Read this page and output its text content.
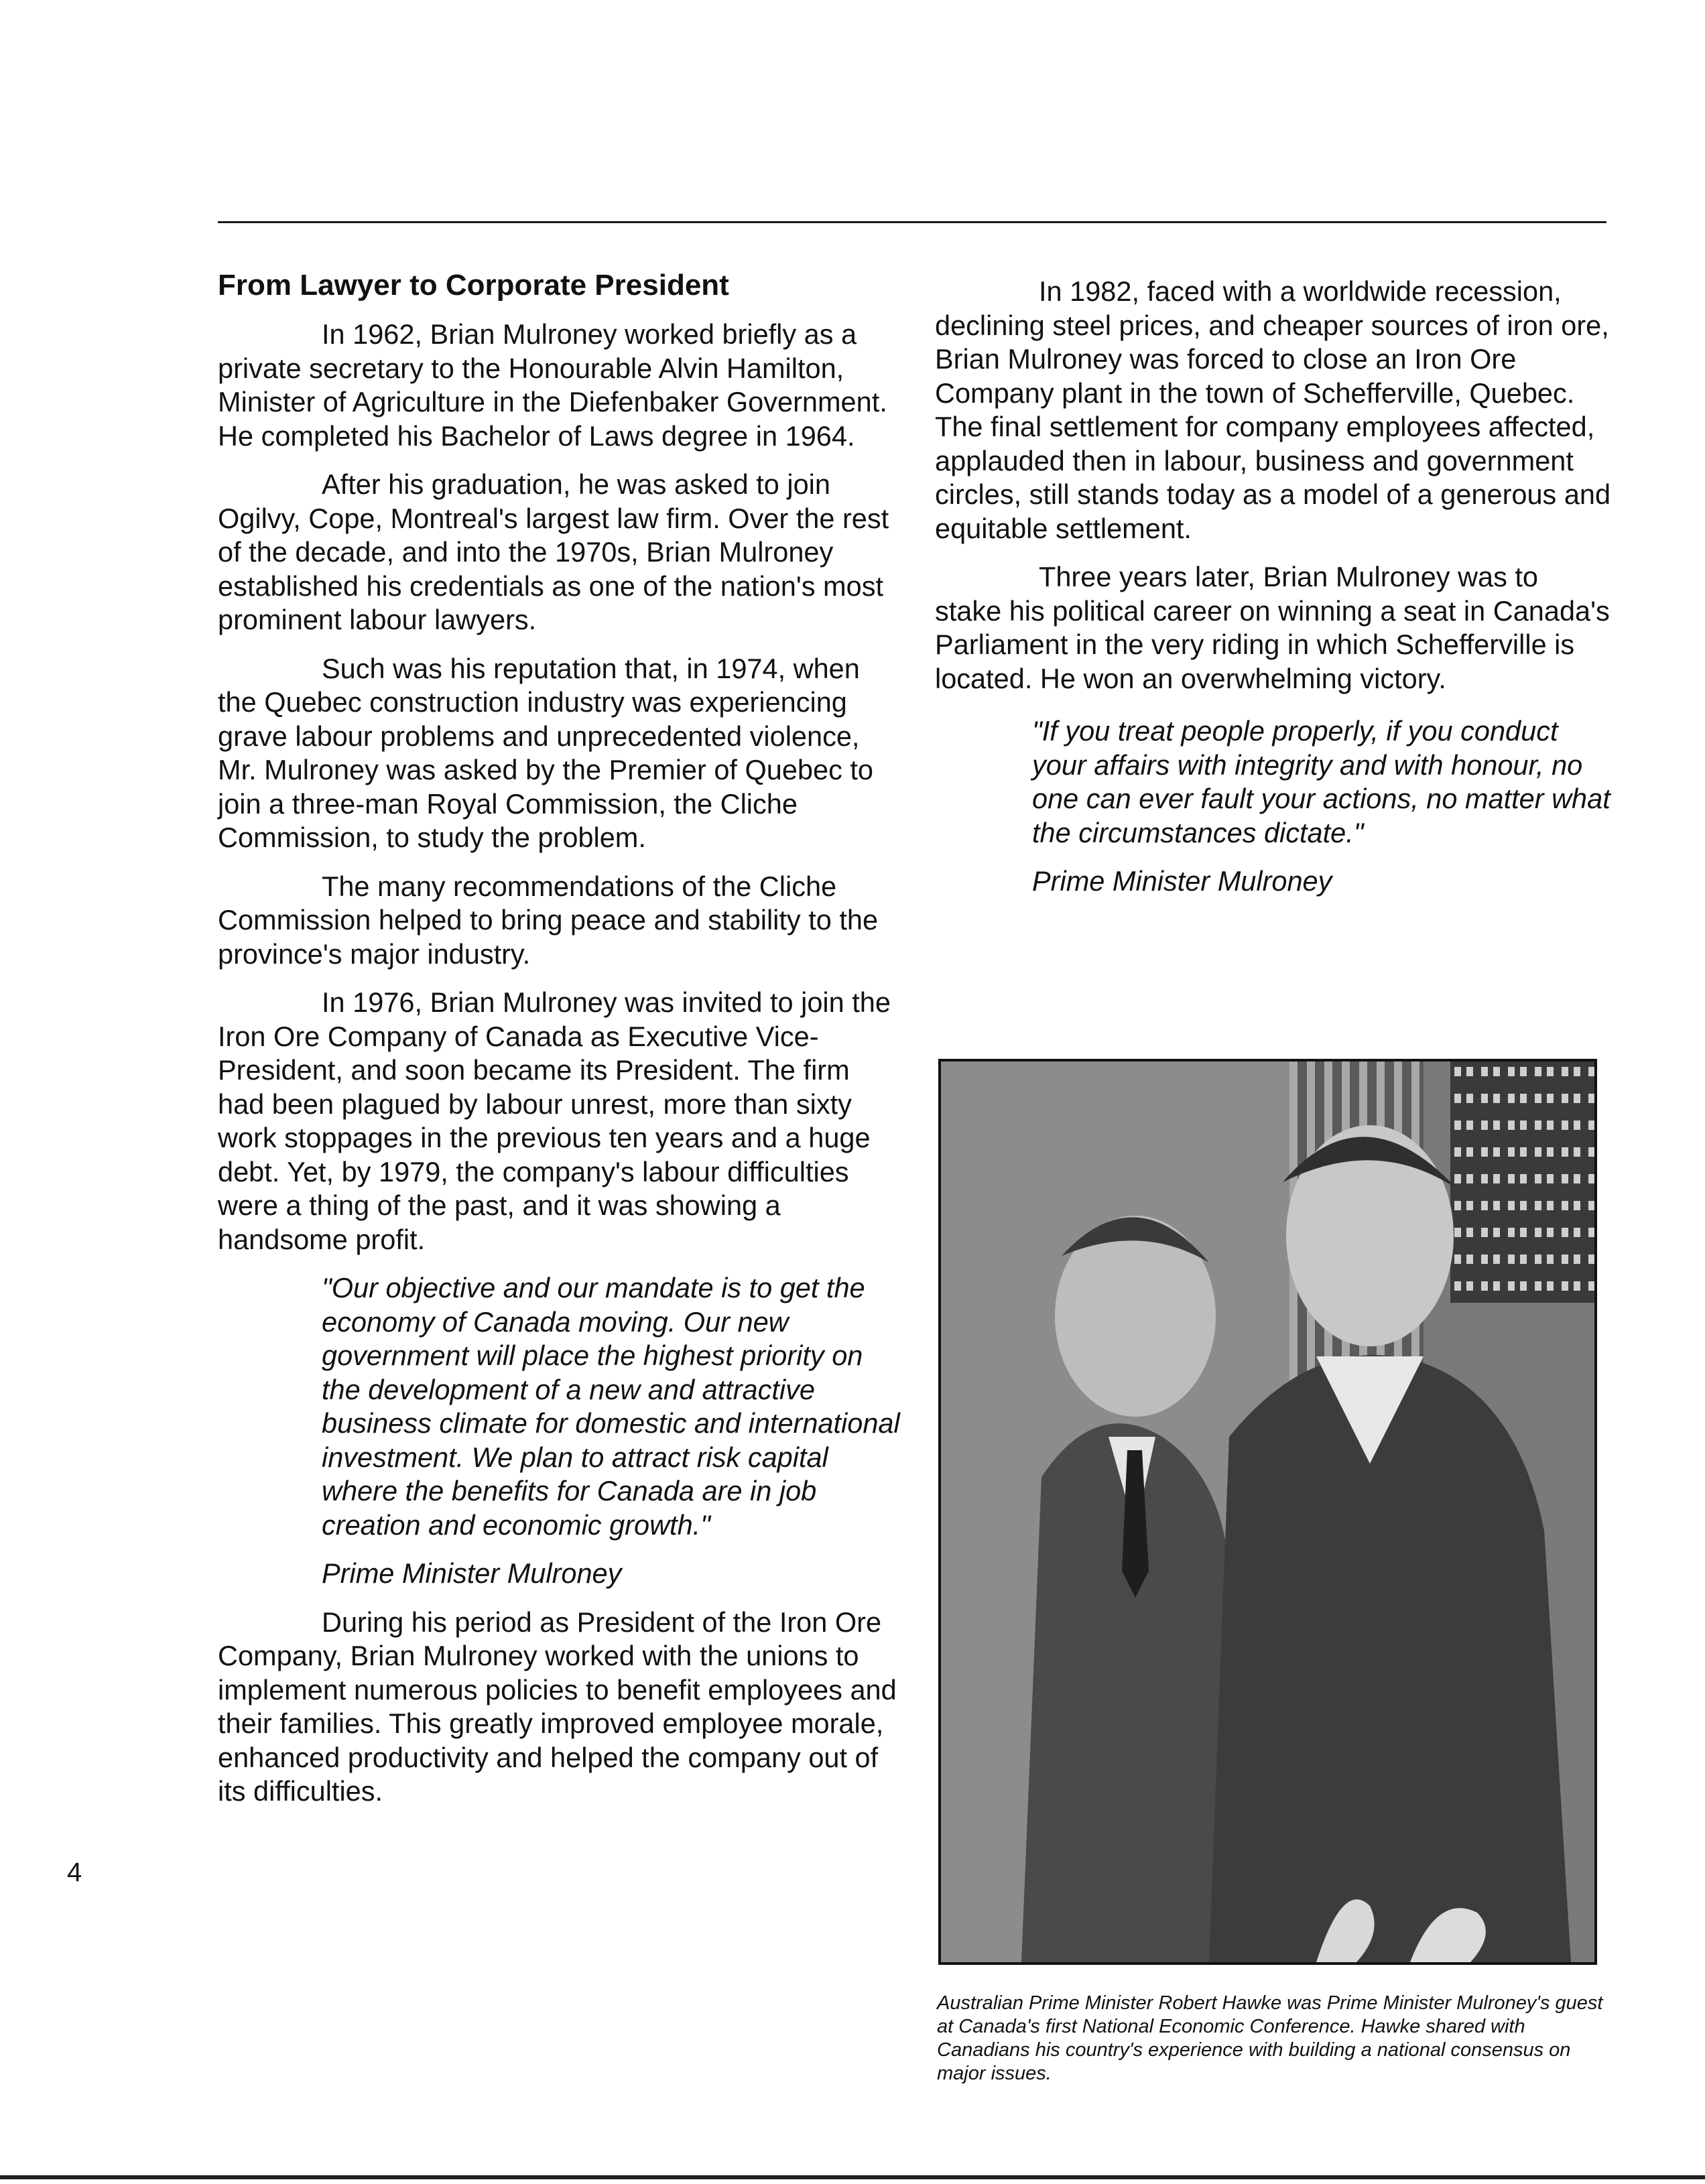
From Lawyer to Corporate President

In 1962, Brian Mulroney worked briefly as a private secretary to the Honourable Alvin Hamilton, Minister of Agriculture in the Diefenbaker Government. He completed his Bachelor of Laws degree in 1964.

After his graduation, he was asked to join Ogilvy, Cope, Montreal's largest law firm. Over the rest of the decade, and into the 1970s, Brian Mulroney established his credentials as one of the nation's most prominent labour lawyers.

Such was his reputation that, in 1974, when the Quebec construction industry was experiencing grave labour problems and unprecedented violence, Mr. Mulroney was asked by the Premier of Quebec to join a three-man Royal Commission, the Cliche Commission, to study the problem.

The many recommendations of the Cliche Commission helped to bring peace and stability to the province's major industry.

In 1976, Brian Mulroney was invited to join the Iron Ore Company of Canada as Executive Vice-President, and soon became its President. The firm had been plagued by labour unrest, more than sixty work stoppages in the previous ten years and a huge debt. Yet, by 1979, the company's labour difficulties were a thing of the past, and it was showing a handsome profit.

"Our objective and our mandate is to get the economy of Canada moving. Our new government will place the highest priority on the development of a new and attractive business climate for domestic and international investment. We plan to attract risk capital where the benefits for Canada are in job creation and economic growth."
Prime Minister Mulroney

During his period as President of the Iron Ore Company, Brian Mulroney worked with the unions to implement numerous policies to benefit employees and their families. This greatly improved employee morale, enhanced productivity and helped the company out of its difficulties.

In 1982, faced with a worldwide recession, declining steel prices, and cheaper sources of iron ore, Brian Mulroney was forced to close an Iron Ore Company plant in the town of Schefferville, Quebec. The final settlement for company employees affected, applauded then in labour, business and government circles, still stands today as a model of a generous and equitable settlement.

Three years later, Brian Mulroney was to stake his political career on winning a seat in Canada's Parliament in the very riding in which Schefferville is located. He won an overwhelming victory.

"If you treat people properly, if you conduct your affairs with integrity and with honour, no one can ever fault your actions, no matter what the circumstances dictate."
Prime Minister Mulroney
Australian Prime Minister Robert Hawke was Prime Minister Mulroney's guest at Canada's first National Economic Conference. Hawke shared with Canadians his country's experience with building a national consensus on major issues.
4
